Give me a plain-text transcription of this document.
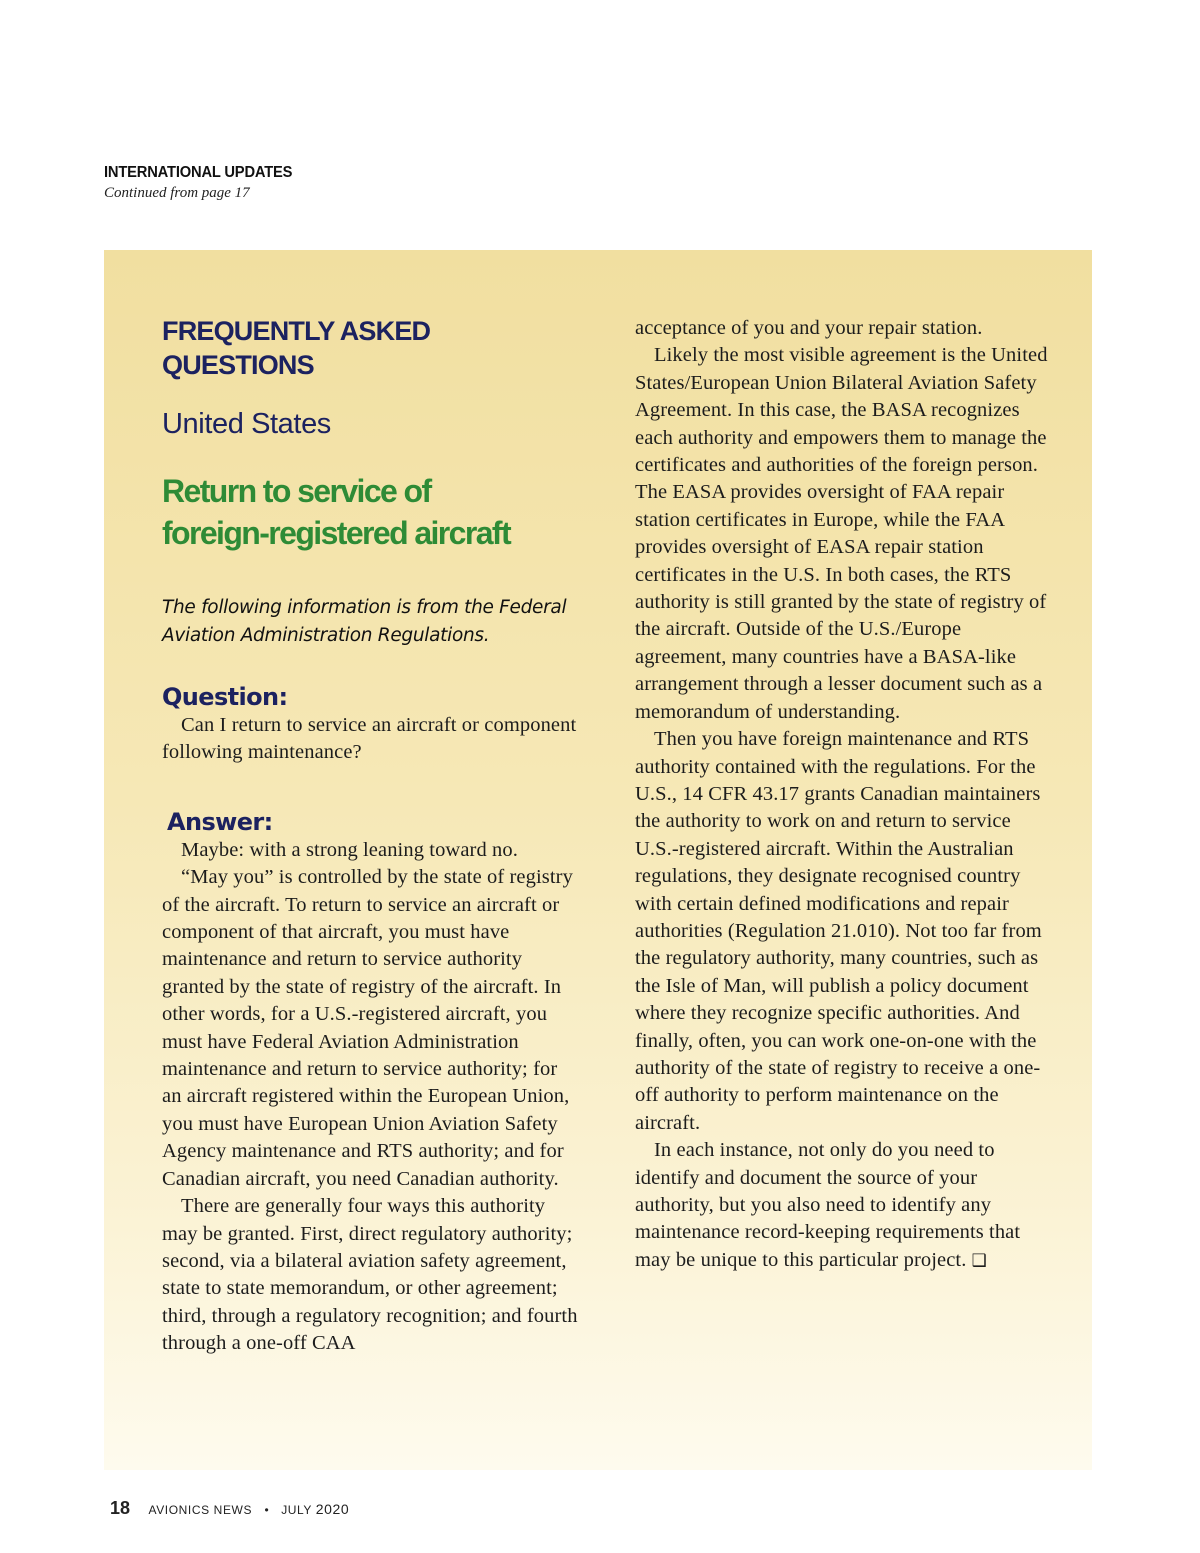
INTERNATIONAL UPDATES
Continued from page 17
FREQUENTLY ASKED QUESTIONS
United States
Return to service of
foreign-registered aircraft
The following information is from the Federal
Aviation Administration Regulations.
Question:

Can I return to service an aircraft or component following maintenance?

Answer:

Maybe: with a strong leaning toward no.

“May you” is controlled by the state of registry of the aircraft. To return to service an aircraft or component of that aircraft, you must have maintenance and return to service authority granted by the state of registry of the aircraft. In other words, for a U.S.-registered aircraft, you must have Federal Aviation Administration maintenance and return to service authority; for an aircraft registered within the European Union, you must have European Union Aviation Safety Agency maintenance and RTS authority; and for Canadian aircraft, you need Canadian authority.

There are generally four ways this authority may be granted. First, direct regulatory authority; second, via a bilateral aviation safety agreement, state to state memorandum, or other agreement; third, through a regulatory recognition; and fourth through a one-off CAA

acceptance of you and your repair station.

Likely the most visible agreement is the United States/European Union Bilateral Aviation Safety Agreement. In this case, the BASA recognizes each authority and empowers them to manage the certificates and authorities of the foreign person. The EASA provides oversight of FAA repair station certificates in Europe, while the FAA provides oversight of EASA repair station certificates in the U.S. In both cases, the RTS authority is still granted by the state of registry of the aircraft. Outside of the U.S./Europe agreement, many countries have a BASA-like arrangement through a lesser document such as a memorandum of understanding.

Then you have foreign maintenance and RTS authority contained with the regulations. For the U.S., 14 CFR 43.17 grants Canadian maintainers the authority to work on and return to service U.S.-registered aircraft. Within the Australian regulations, they designate recognised country with certain defined modifications and repair authorities (Regulation 21.010). Not too far from the regulatory authority, many countries, such as the Isle of Man, will publish a policy document where they recognize specific authorities. And finally, often, you can work one-on-one with the authority of the state of registry to receive a one-off authority to perform maintenance on the aircraft.

In each instance, not only do you need to identify and document the source of your authority, but you also need to identify any maintenance record-keeping requirements that may be unique to this particular project. ❑

18 AVIONICS NEWS • JULY 2020
